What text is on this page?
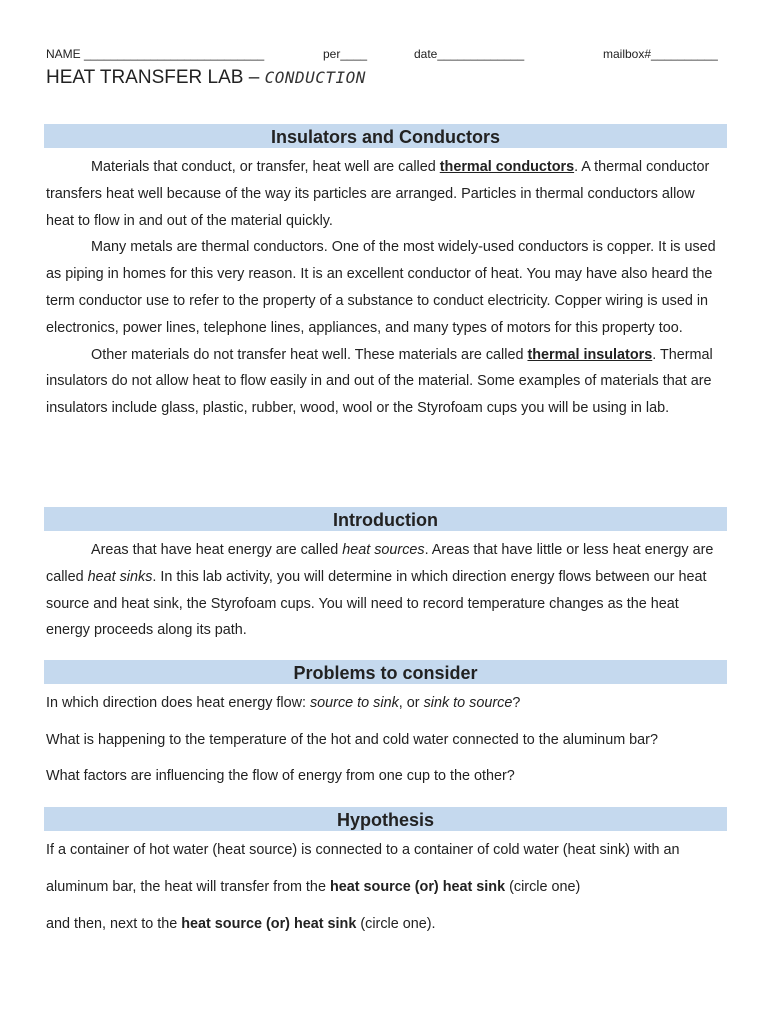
NAME ___________________________	per____	date_____________	mailbox#__________
HEAT TRANSFER LAB – CONDUCTION
Insulators and Conductors

Materials that conduct, or transfer, heat well are called thermal conductors. A thermal conductor transfers heat well because of the way its particles are arranged. Particles in thermal conductors allow heat to flow in and out of the material quickly.

Many metals are thermal conductors. One of the most widely-used conductors is copper. It is used as piping in homes for this very reason. It is an excellent conductor of heat. You may have also heard the term conductor use to refer to the property of a substance to conduct electricity. Copper wiring is used in electronics, power lines, telephone lines, appliances, and many types of motors for this property too.

Other materials do not transfer heat well. These materials are called thermal insulators. Thermal insulators do not allow heat to flow easily in and out of the material. Some examples of materials that are insulators include glass, plastic, rubber, wood, wool or the Styrofoam cups you will be using in lab.

Introduction

Areas that have heat energy are called heat sources. Areas that have little or less heat energy are called heat sinks. In this lab activity, you will determine in which direction energy flows between our heat source and heat sink, the Styrofoam cups. You will need to record temperature changes as the heat energy proceeds along its path.

Problems to consider
In which direction does heat energy flow: source to sink, or sink to source?
What is happening to the temperature of the hot and cold water connected to the aluminum bar?
What factors are influencing the flow of energy from one cup to the other?
Hypothesis
If a container of hot water (heat source) is connected to a container of cold water (heat sink) with an
aluminum bar, the heat will transfer from the heat source (or) heat sink (circle one)
and then, next to the heat source (or) heat sink (circle one).
